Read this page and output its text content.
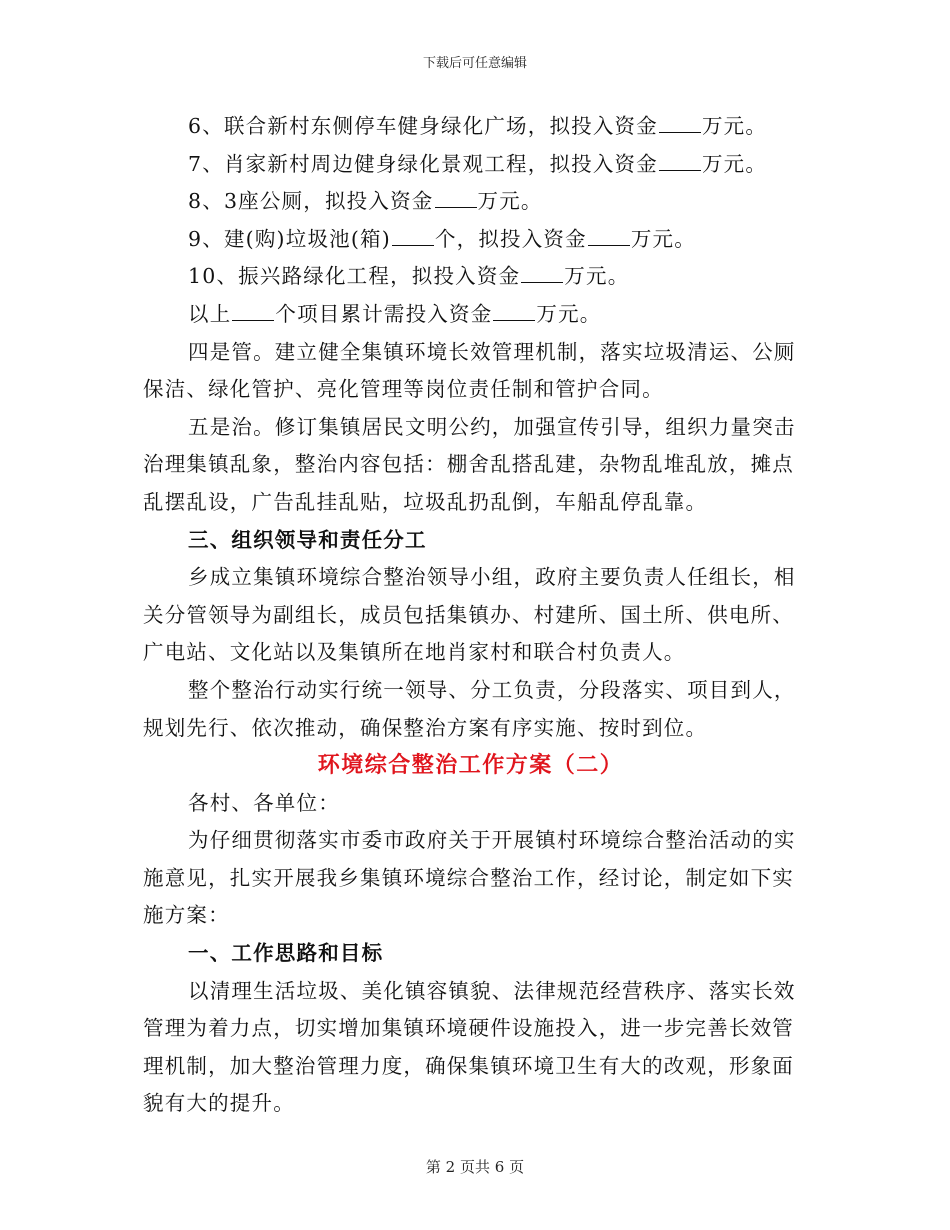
下载后可任意编辑

6、联合新村东侧停车健身绿化广场，拟投入资金 万元。

7、肖家新村周边健身绿化景观工程，拟投入资金 万元。

8、3座公厕，拟投入资金 万元。

9、建(购)垃圾池(箱) 个，拟投入资金 万元。

10、振兴路绿化工程，拟投入资金 万元。

以上 个项目累计需投入资金 万元。

四是管。建立健全集镇环境长效管理机制，落实垃圾清运、公厕保洁、绿化管护、亮化管理等岗位责任制和管护合同。

五是治。修订集镇居民文明公约，加强宣传引导，组织力量突击治理集镇乱象，整治内容包括：棚舍乱搭乱建，杂物乱堆乱放，摊点乱摆乱设，广告乱挂乱贴，垃圾乱扔乱倒，车船乱停乱靠。

三、组织领导和责任分工

乡成立集镇环境综合整治领导小组，政府主要负责人任组长，相关分管领导为副组长，成员包括集镇办、村建所、国土所、供电所、广电站、文化站以及集镇所在地肖家村和联合村负责人。

整个整治行动实行统一领导、分工负责，分段落实、项目到人，规划先行、依次推动，确保整治方案有序实施、按时到位。

环境综合整治工作方案（二）

各村、各单位：

为仔细贯彻落实市委市政府关于开展镇村环境综合整治活动的实施意见，扎实开展我乡集镇环境综合整治工作，经讨论，制定如下实施方案：

一、工作思路和目标

以清理生活垃圾、美化镇容镇貌、法律规范经营秩序、落实长效管理为着力点，切实增加集镇环境硬件设施投入，进一步完善长效管理机制，加大整治管理力度，确保集镇环境卫生有大的改观，形象面貌有大的提升。

第 2 页共 6 页
